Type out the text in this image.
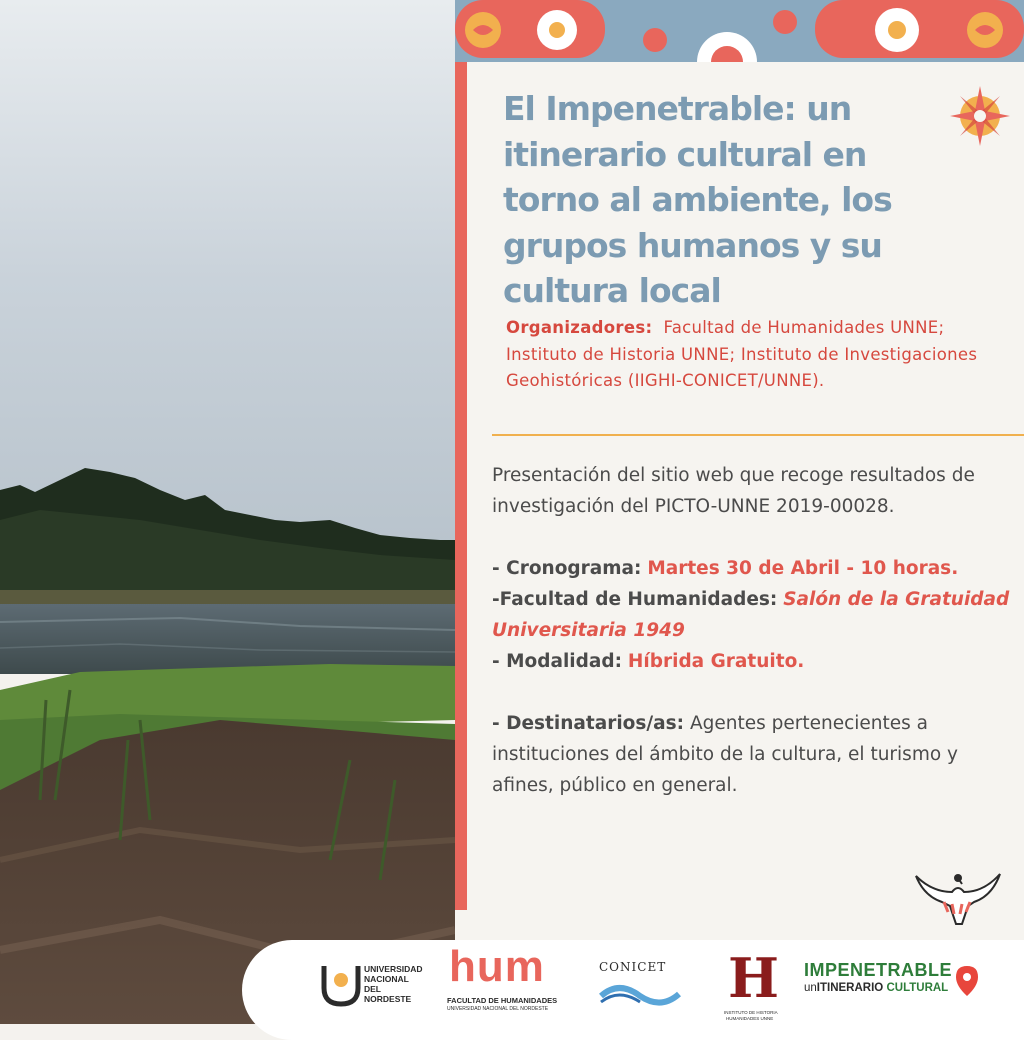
El Impenetrable: un itinerario cultural en torno al ambiente, los grupos humanos y su cultura local
Organizadores: Facultad de Humanidades UNNE; Instituto de Historia UNNE; Instituto de Investigaciones Geohistóricas (IIGHI-CONICET/UNNE).

Presentación del sitio web que recoge resultados de investigación del PICTO-UNNE 2019-00028.

- Cronograma: Martes 30 de Abril - 10 horas.

-Facultad de Humanidades: Salón de la Gratuidad Universitaria 1949

- Modalidad: Híbrida Gratuito.

- Destinatarios/as: Agentes pertenecientes a instituciones del ámbito de la cultura, el turismo y afines, público en general.

UNIVERSIDAD
NACIONAL
DEL NORDESTE
hum
FACULTAD DE HUMANIDADES
UNIVERSIDAD NACIONAL DEL NORDESTE
CONICET H
INSTITUTO DE HISTORIA
HUMANIDADES UNNE
IMPENETRABLE
unITINERARIO CULTURAL
